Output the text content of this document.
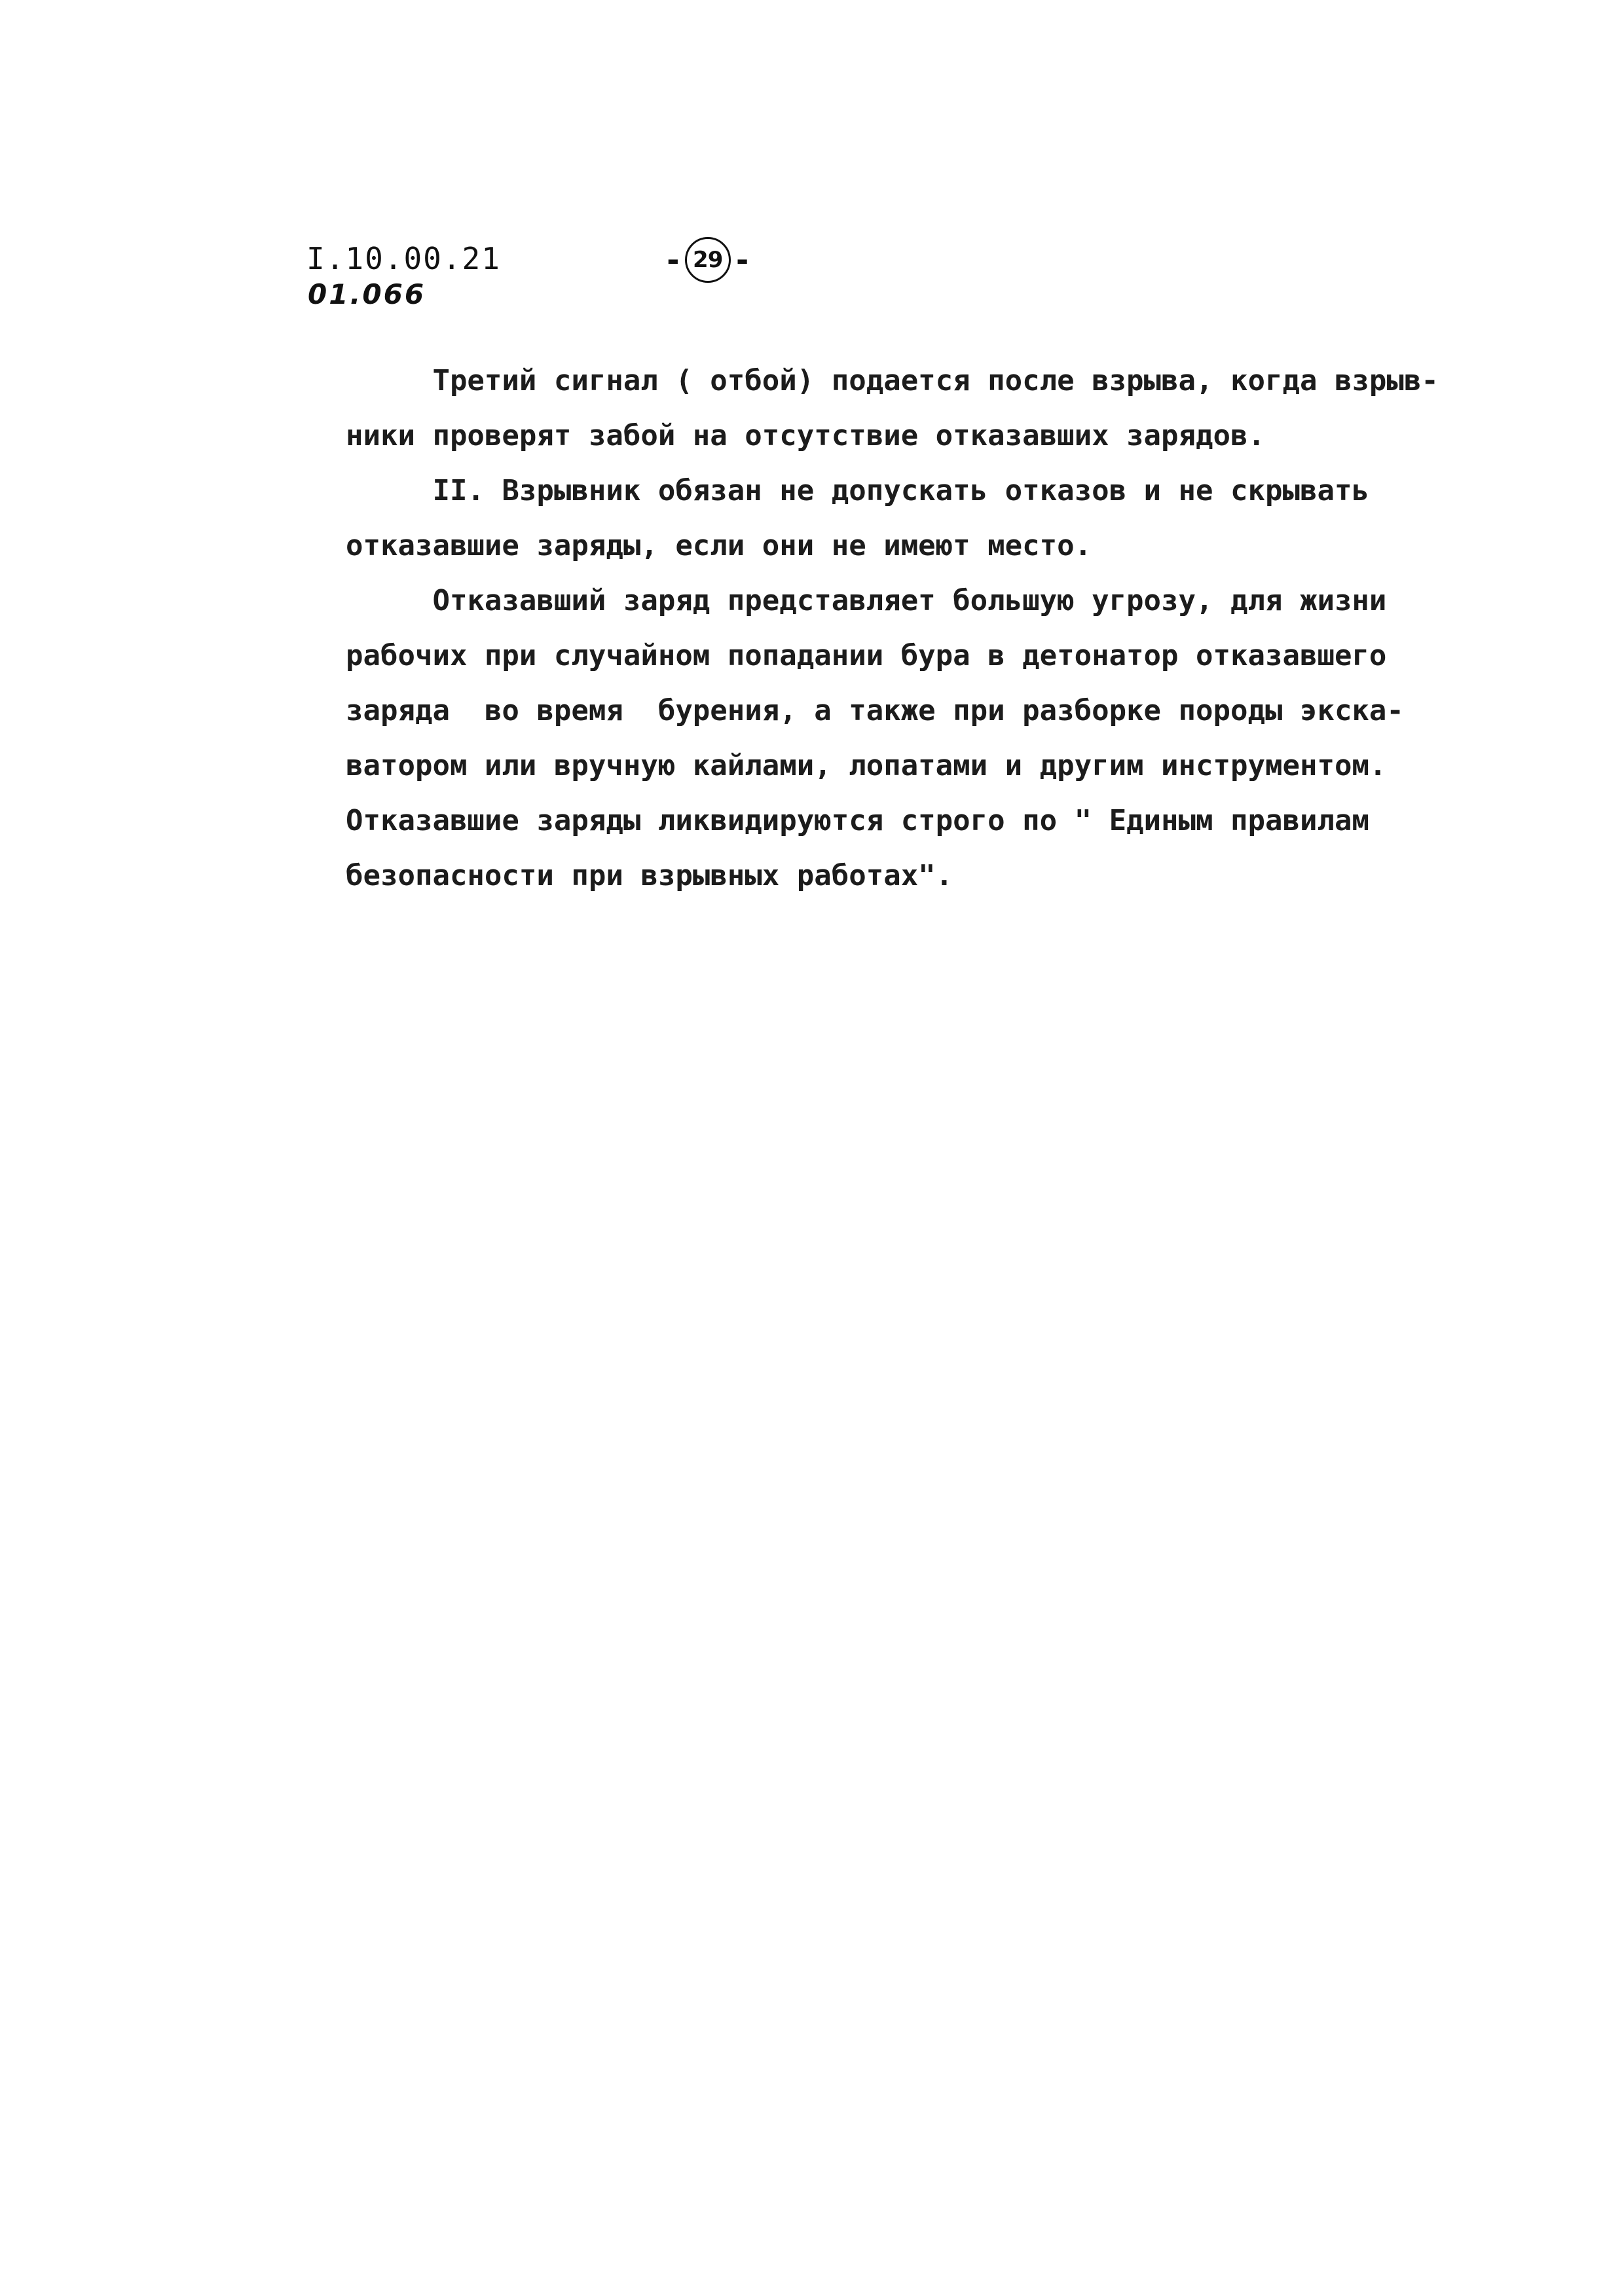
I.10.00.21
01.066
- 29 -
Третий сигнал ( отбой) подается после взрыва, когда взрыв-
ники проверят забой на отсутствие отказавших зарядов.
II. Взрывник обязан не допускать отказов и не скрывать
отказавшие заряды, если они не имеют место.
Отказавший заряд представляет большую угрозу, для жизни
рабочих при случайном попадании бура в детонатор отказавшего
заряда  во время  бурения, а также при разборке породы экска-
ватором или вручную кайлами, лопатами и другим инструментом.
Отказавшие заряды ликвидируются строго по " Единым правилам
безопасности при взрывных работах".
